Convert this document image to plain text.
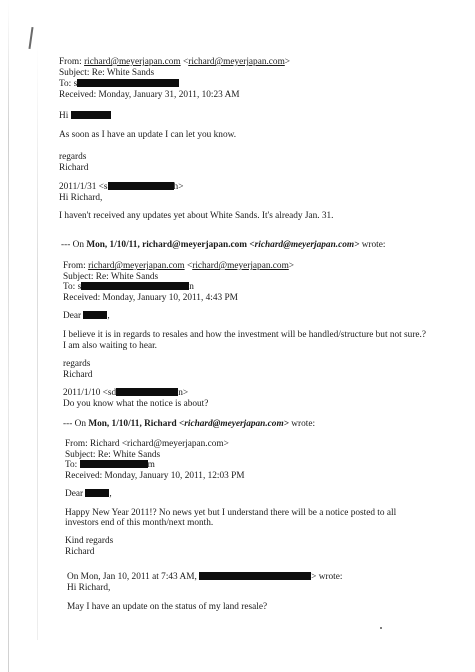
From: richard@meyerjapan.com <richard@meyerjapan.com>
Subject: Re: White Sands
To: s
Received: Monday, January 31, 2011, 10:23 AM
Hi
As soon as I have an update I can let you know.
regards
Richard
2011/1/31 <s	h>
Hi Richard,
I haven't received any updates yet about White Sands. It's already Jan. 31.
--- On Mon, 1/10/11, richard@meyerjapan.com <richard@meyerjapan.com> wrote:
From: richard@meyerjapan.com <richard@meyerjapan.com>
Subject: Re: White Sands
To: s	n
Received: Monday, January 10, 2011, 4:43 PM
Dear	,
I believe it is in regards to resales and how the investment will be handled/structure but not sure.?
I am also waiting to hear.
regards
Richard
2011/1/10 <sd	n>
Do you know what the notice is about?
--- On Mon, 1/10/11, Richard <richard@meyerjapan.com> wrote:
From: Richard <richard@meyerjapan.com>
Subject: Re: White Sands
To:	m
Received: Monday, January 10, 2011, 12:03 PM
Dear	,
Happy New Year 2011!? No news yet but I understand there will be a notice posted to all
investors end of this month/next month.
Kind regards
Richard
On Mon, Jan 10, 2011 at 7:43 AM,	> wrote:
Hi Richard,
May I have an update on the status of my land resale?
